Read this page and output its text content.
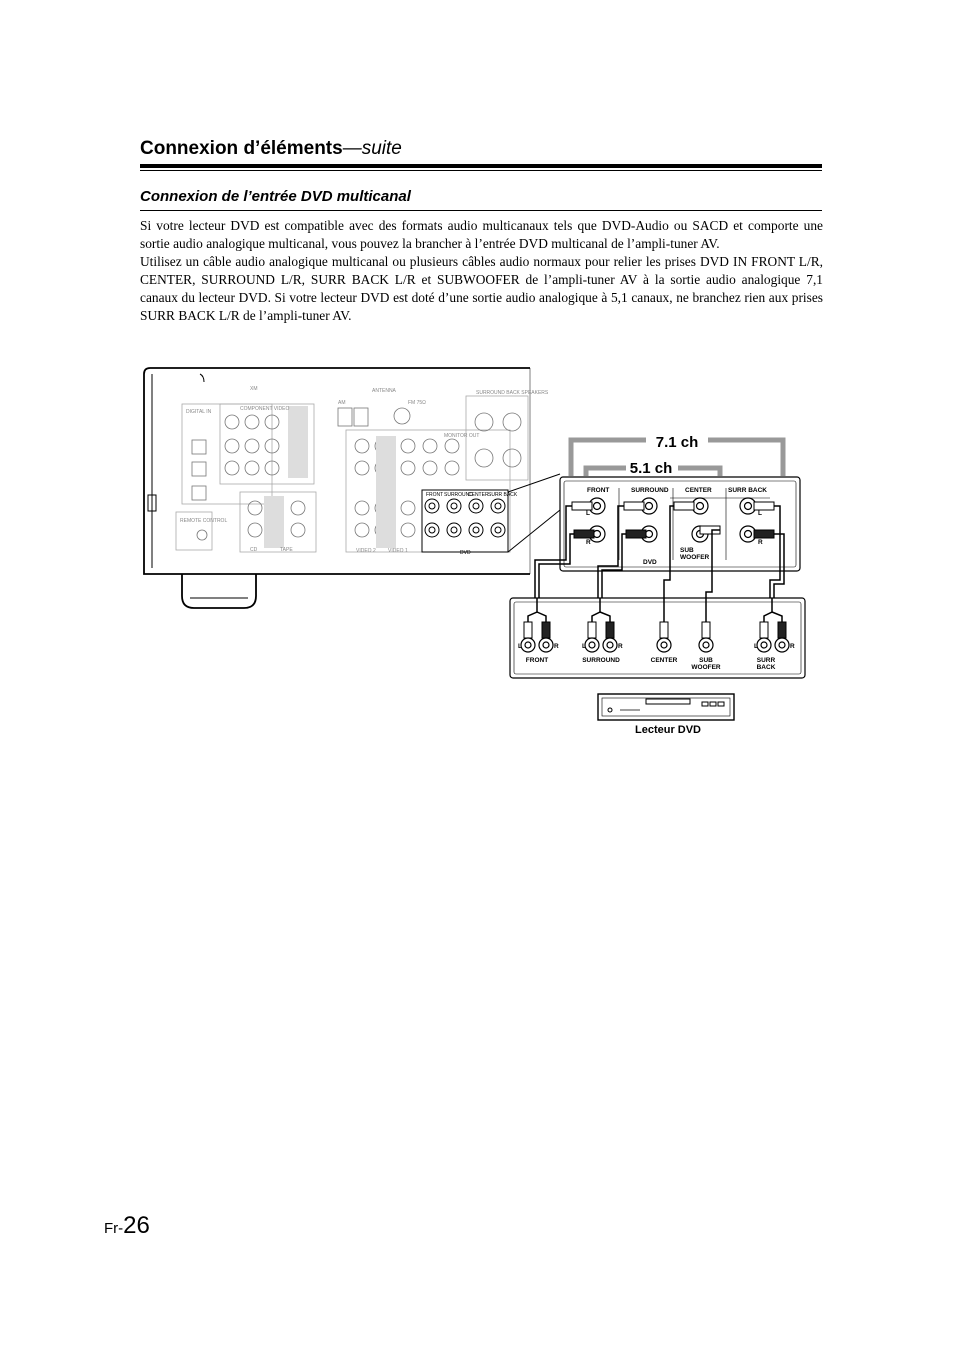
Connexion d’éléments—suite
Connexion de l’entrée DVD multicanal

Si votre lecteur DVD est compatible avec des formats audio multicanaux tels que DVD-Audio ou SACD et comporte une sortie audio analogique multicanal, vous pouvez la brancher à l’entrée DVD multicanal de l’ampli-tuner AV.

Utilisez un câble audio analogique multicanal ou plusieurs câbles audio normaux pour relier les prises DVD IN FRONT L/R, CENTER, SURROUND L/R, SURR BACK L/R et SUBWOOFER de l’ampli-tuner AV à la sortie audio analogique 7,1 canaux du lecteur DVD. Si votre lecteur DVD est doté d’une sortie audio analogique à 5,1 canaux, ne branchez rien aux prises SURR BACK L/R de l’ampli-tuner AV.

ANTENNA
COMPONENT VIDEO
DIGITAL IN
SURROUND BACK SPEAKERS
VIDEO 2 VIDEO 1
CD	TAPE
MONITOR OUT
XM
FM 75Ω
AM
REMOTE CONTROL
FRONT SURROUND
CENTER SURR BACK
DVD
7.1 ch
5.1 ch
FRONT	SURROUND	CENTER	SURR BACK
L
R
L
R
SUB
WOOFER
DVD
L	R	L	R	L	R
FRONT	SURROUND	CENTER	SUB
WOOFER
SURR
BACK
Lecteur DVD
Fr-26
